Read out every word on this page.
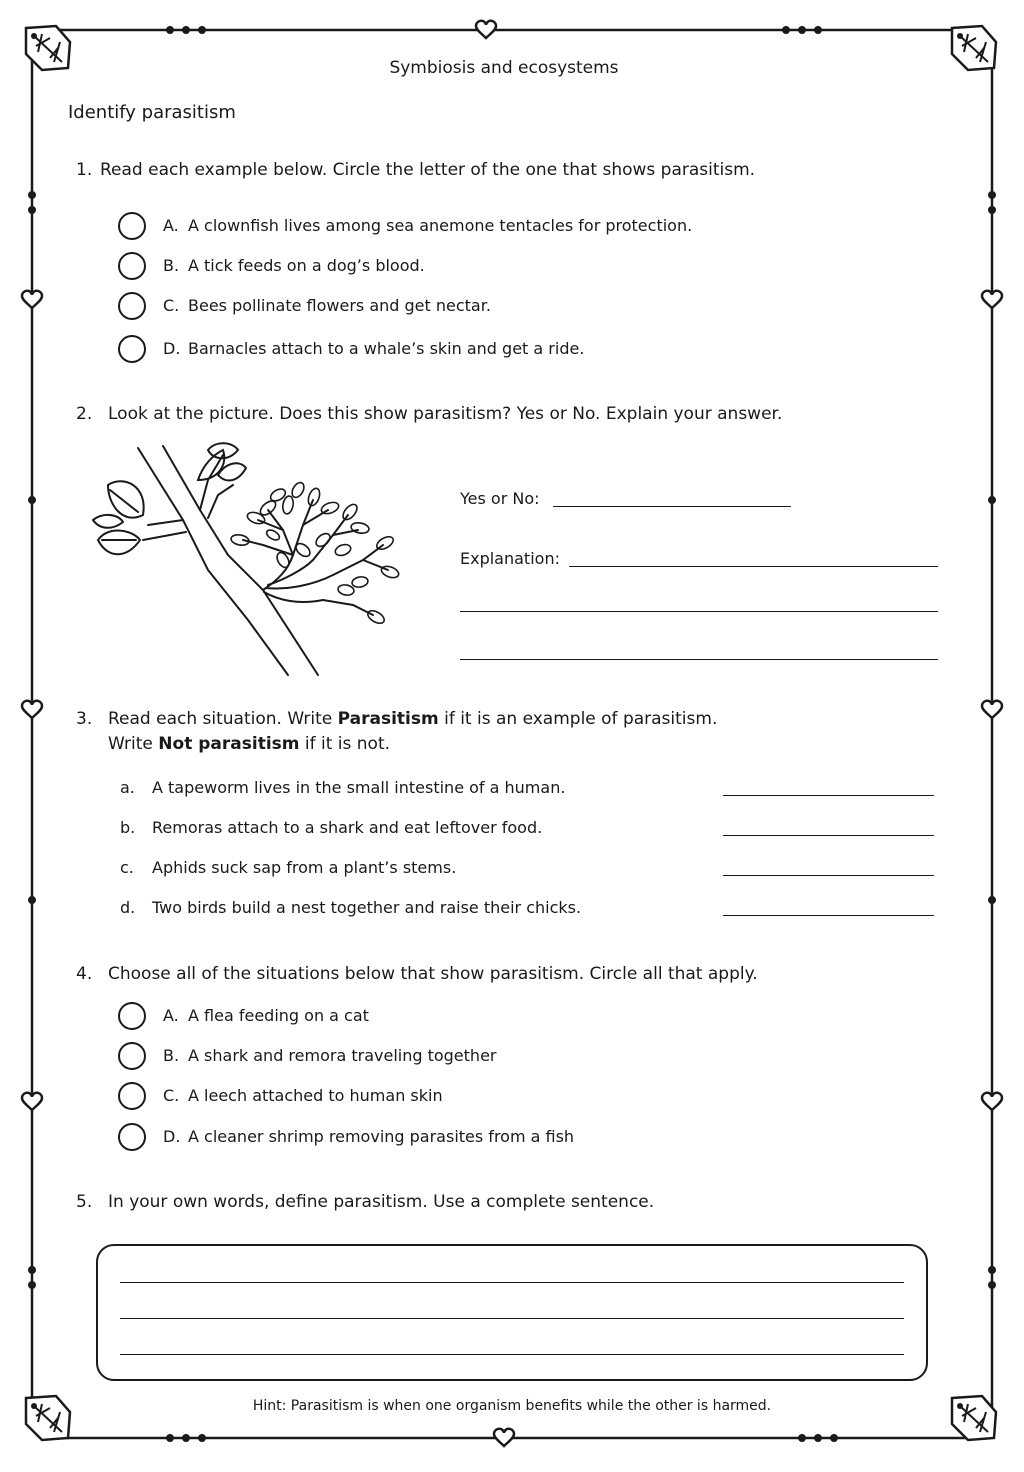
Symbiosis and ecosystems
Identify parasitism
1. Read each example below. Circle the letter of the one that shows parasitism.
A. A clownfish lives among sea anemone tentacles for protection.
B. A tick feeds on a dog’s blood.
C. Bees pollinate flowers and get nectar.
D. Barnacles attach to a whale’s skin and get a ride.
2. Look at the picture. Does this show parasitism? Yes or No. Explain your answer.
Yes or No:
Explanation:
3. Read each situation. Write Parasitism if it is an example of parasitism.
Write Not parasitism if it is not.
a. A tapeworm lives in the small intestine of a human.
b. Remoras attach to a shark and eat leftover food.
c. Aphids suck sap from a plant’s stems.
d. Two birds build a nest together and raise their chicks.
4. Choose all of the situations below that show parasitism. Circle all that apply.
A. A flea feeding on a cat
B. A shark and remora traveling together
C. A leech attached to human skin
D. A cleaner shrimp removing parasites from a fish
5. In your own words, define parasitism. Use a complete sentence.
Hint: Parasitism is when one organism benefits while the other is harmed.
